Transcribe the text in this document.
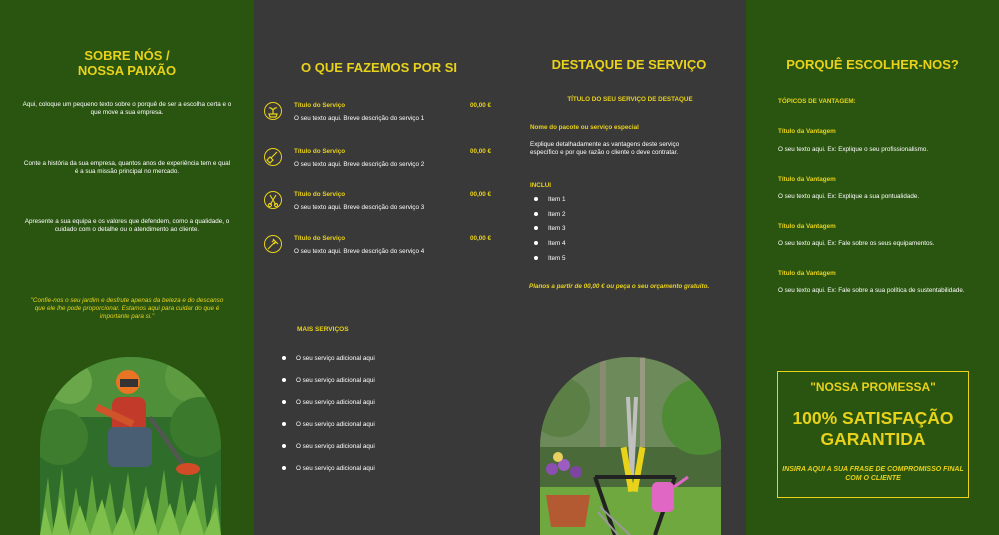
SOBRE NÓS /
NOSSA PAIXÃO
Aqui, coloque um pequeno texto sobre o porquê de ser a escolha certa e o que move a sua empresa.
Conte a história da sua empresa, quantos anos de experiência tem e qual é a sua missão principal no mercado.
Apresente a sua equipa e os valores que defendem, como a qualidade, o cuidado com o detalhe ou o atendimento ao cliente.
"Confie-nos o seu jardim e desfrute apenas da beleza e do descanso que ele lhe pode proporcionar. Estamos aqui para cuidar do que é importante para si."
O QUE FAZEMOS POR SI	DESTAQUE DE SERVIÇO
Título do Serviço	00,00 €
O seu texto aqui. Breve descrição do serviço 1
Título do Serviço	00,00 €
O seu texto aqui. Breve descrição do serviço 2
Título do Serviço	00,00 €
O seu texto aqui. Breve descrição do serviço 3
Título do Serviço	00,00 €
O seu texto aqui. Breve descrição do serviço 4
MAIS SERVIÇOS
O seu serviço adicional aqui
O seu serviço adicional aqui
O seu serviço adicional aqui
O seu serviço adicional aqui
O seu serviço adicional aqui
O seu serviço adicional aqui
TÍTULO DO SEU SERVIÇO DE DESTAQUE
Nome do pacote ou serviço especial
Explique detalhadamente as vantagens deste serviço específico e por que razão o cliente o deve contratar.
INCLUI
Item 1
Item 2
Item 3
Item 4
Item 5
Planos a partir de 00,00 € ou peça o seu orçamento gratuito.
PORQUÊ ESCOLHER-NOS?
TÓPICOS DE VANTAGEM:
Título da Vantagem
O seu texto aqui. Ex: Explique o seu profissionalismo.
Título da Vantagem
O seu texto aqui. Ex: Explique a sua pontualidade.
Título da Vantagem
O seu texto aqui. Ex: Fale sobre os seus equipamentos.
Título da Vantagem
O seu texto aqui. Ex: Fale sobre a sua política de sustentabilidade.
"NOSSA PROMESSA"
100% SATISFAÇÃO
GARANTIDA
INSIRA AQUI A SUA FRASE DE COMPROMISSO FINAL COM O CLIENTE
